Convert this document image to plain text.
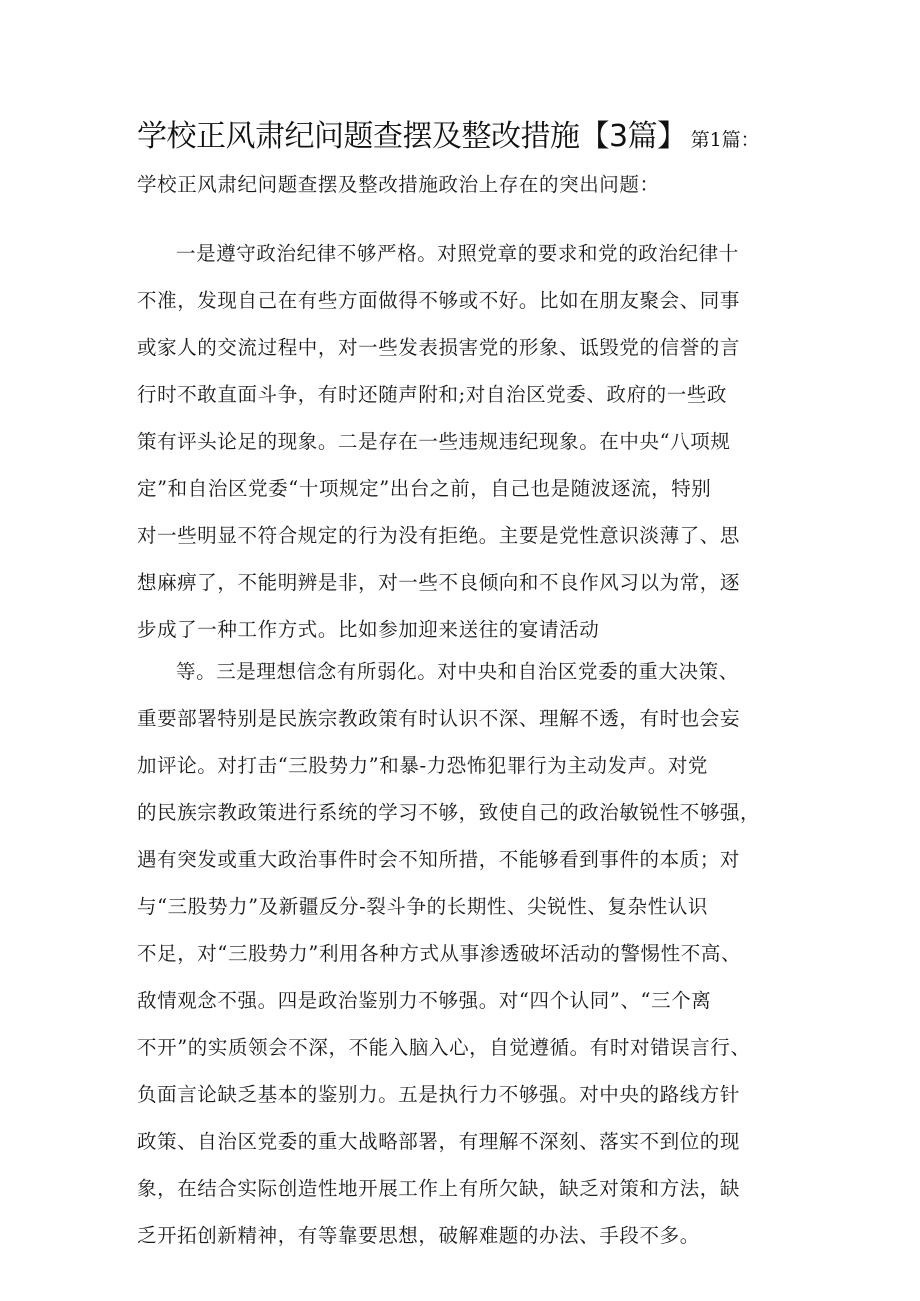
学校正风肃纪问题查摆及整改措施【3篇】 第1篇：
学校正风肃纪问题查摆及整改措施政治上存在的突出问题：
一是遵守政治纪律不够严格。对照党章的要求和党的政治纪律十
不准，发现自己在有些方面做得不够或不好。比如在朋友聚会、同事
或家人的交流过程中，对一些发表损害党的形象、诋毁党的信誉的言
行时不敢直面斗争，有时还随声附和;对自治区党委、政府的一些政
策有评头论足的现象。二是存在一些违规违纪现象。在中央“八项规
定”和自治区党委“十项规定”出台之前，自己也是随波逐流，特别
对一些明显不符合规定的行为没有拒绝。主要是党性意识淡薄了、思
想麻痹了，不能明辨是非，对一些不良倾向和不良作风习以为常，逐
步成了一种工作方式。比如参加迎来送往的宴请活动
等。三是理想信念有所弱化。对中央和自治区党委的重大决策、
重要部署特别是民族宗教政策有时认识不深、理解不透，有时也会妄
加评论。对打击“三股势力”和暴-力恐怖犯罪行为主动发声。对党
的民族宗教政策进行系统的学习不够，致使自己的政治敏锐性不够强，
遇有突发或重大政治事件时会不知所措，不能够看到事件的本质；对
与“三股势力”及新疆反分-裂斗争的长期性、尖锐性、复杂性认识
不足，对“三股势力”利用各种方式从事渗透破坏活动的警惕性不高、
敌情观念不强。四是政治鉴别力不够强。对“四个认同”、“三个离
不开”的实质领会不深，不能入脑入心，自觉遵循。有时对错误言行、
负面言论缺乏基本的鉴别力。五是执行力不够强。对中央的路线方针
政策、自治区党委的重大战略部署，有理解不深刻、落实不到位的现
象，在结合实际创造性地开展工作上有所欠缺，缺乏对策和方法，缺
乏开拓创新精神，有等靠要思想，破解难题的办法、手段不多。
